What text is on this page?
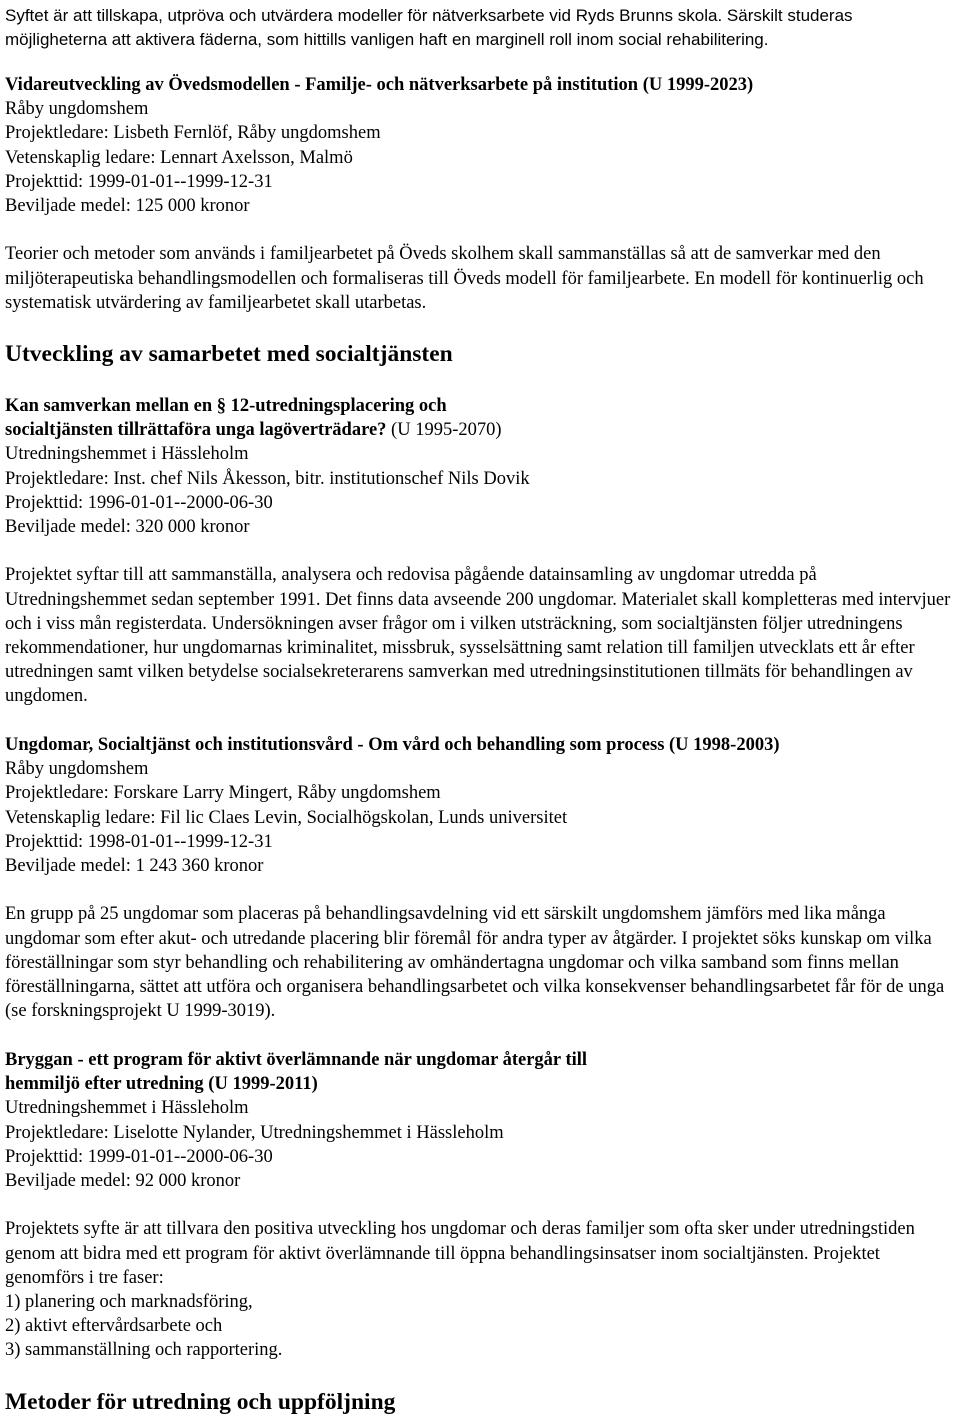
Syftet är att tillskapa, utpröva och utvärdera modeller för nätverksarbete vid Ryds Brunns skola. Särskilt studeras

möjligheterna att aktivera fäderna, som hittills vanligen haft en marginell roll inom social rehabilitering.

Vidareutveckling av Övedsmodellen - Familje- och nätverksarbete på institution (U 1999-2023)

Råby ungdomshem

Projektledare: Lisbeth Fernlöf, Råby ungdomshem

Vetenskaplig ledare: Lennart Axelsson, Malmö

Projekttid: 1999-01-01--1999-12-31

Beviljade medel: 125 000 kronor

Teorier och metoder som används i familjearbetet på Öveds skolhem skall sammanställas så att de samverkar med den miljöterapeutiska behandlingsmodellen och formaliseras till Öveds modell för familjearbete. En modell för kontinuerlig och systematisk utvärdering av familjearbetet skall utarbetas.

Utveckling av samarbetet med socialtjänsten

Kan samverkan mellan en § 12-utredningsplacering och

socialtjänsten tillrättaföra unga lagöverträdare? (U 1995-2070)

Utredningshemmet i Hässleholm

Projektledare: Inst. chef Nils Åkesson, bitr. institutionschef Nils Dovik

Projekttid: 1996-01-01--2000-06-30

Beviljade medel: 320 000 kronor

Projektet syftar till att sammanställa, analysera och redovisa pågående datainsamling av ungdomar utredda på Utredningshemmet sedan september 1991. Det finns data avseende 200 ungdomar. Materialet skall kompletteras med intervjuer och i viss mån registerdata. Undersökningen avser frågor om i vilken utsträckning, som socialtjänsten följer utredningens rekommendationer, hur ungdomarnas kriminalitet, missbruk, sysselsättning samt relation till familjen utvecklats ett år efter utredningen samt vilken betydelse socialsekreterarens samverkan med utredningsinstitutionen tillmäts för behandlingen av ungdomen.

Ungdomar, Socialtjänst och institutionsvård - Om vård och behandling som process (U 1998-2003)

Råby ungdomshem

Projektledare: Forskare Larry Mingert, Råby ungdomshem

Vetenskaplig ledare: Fil lic Claes Levin, Socialhögskolan, Lunds universitet

Projekttid: 1998-01-01--1999-12-31

Beviljade medel: 1 243 360 kronor

En grupp på 25 ungdomar som placeras på behandlingsavdelning vid ett särskilt ungdomshem jämförs med lika många ungdomar som efter akut- och utredande placering blir föremål för andra typer av åtgärder. I projektet söks kunskap om vilka föreställningar som styr behandling och rehabilitering av omhändertagna ungdomar och vilka samband som finns mellan föreställningarna, sättet att utföra och organisera behandlingsarbetet och vilka konsekvenser behandlingsarbetet får för de unga (se forskningsprojekt U 1999-3019).

Bryggan - ett program för aktivt överlämnande när ungdomar återgår till

hemmiljö efter utredning (U 1999-2011)

Utredningshemmet i Hässleholm

Projektledare: Liselotte Nylander, Utredningshemmet i Hässleholm

Projekttid: 1999-01-01--2000-06-30

Beviljade medel: 92 000 kronor

Projektets syfte är att tillvara den positiva utveckling hos ungdomar och deras familjer som ofta sker under utredningstiden genom att bidra med ett program för aktivt överlämnande till öppna behandlingsinsatser inom socialtjänsten. Projektet genomförs i tre faser:

1) planering och marknadsföring,

2) aktivt eftervårdsarbete och

3) sammanställning och rapportering.

Metoder för utredning och uppföljning
